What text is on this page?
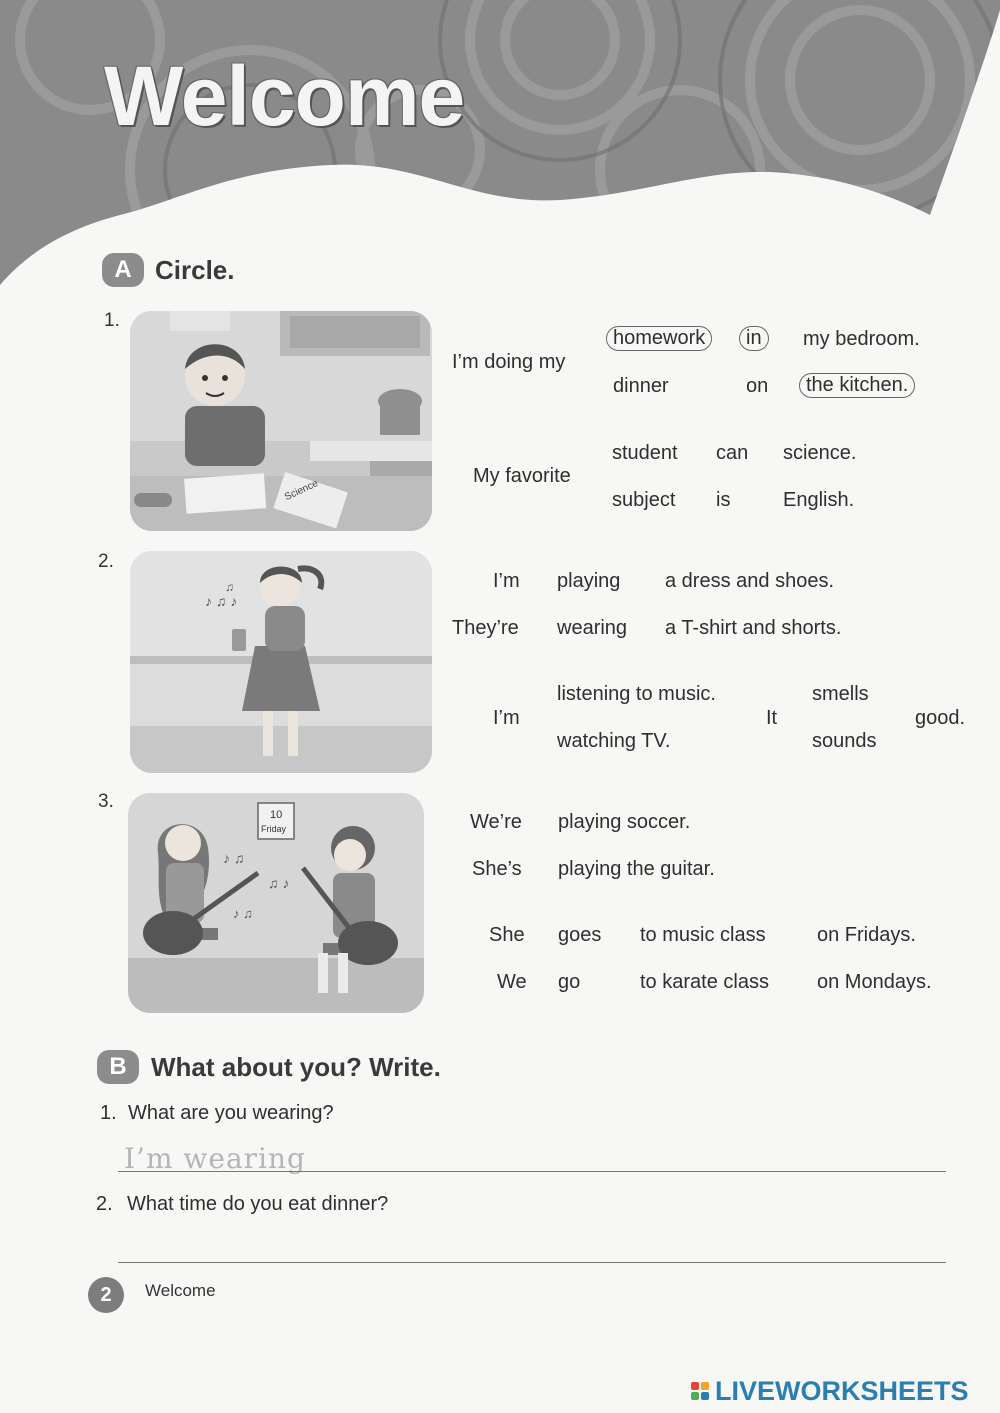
Welcome
A Circle.
1.
Science
I’m doing my
homework
dinner
in
on
my bedroom.
the kitchen.
My favorite
student
subject
can
is
science.
English.
2.
♪ ♫ ♪
♫	I’m
They’re
playing
wearing
a dress and shoes.
a T-shirt and shorts.
I’m
listening to music.
watching TV.
It
smells
sounds
good.
3.
10
Friday
♪ ♫
♫ ♪
♪ ♫
We’re
She’s
playing soccer.
playing the guitar.
She
We
goes
go
to music class
to karate class
on Fridays.
on Mondays.
B What about you? Write.
1. What are you wearing?
I’m wearing
2. What time do you eat dinner?
2	Welcome
LIVEWORKSHEETS
